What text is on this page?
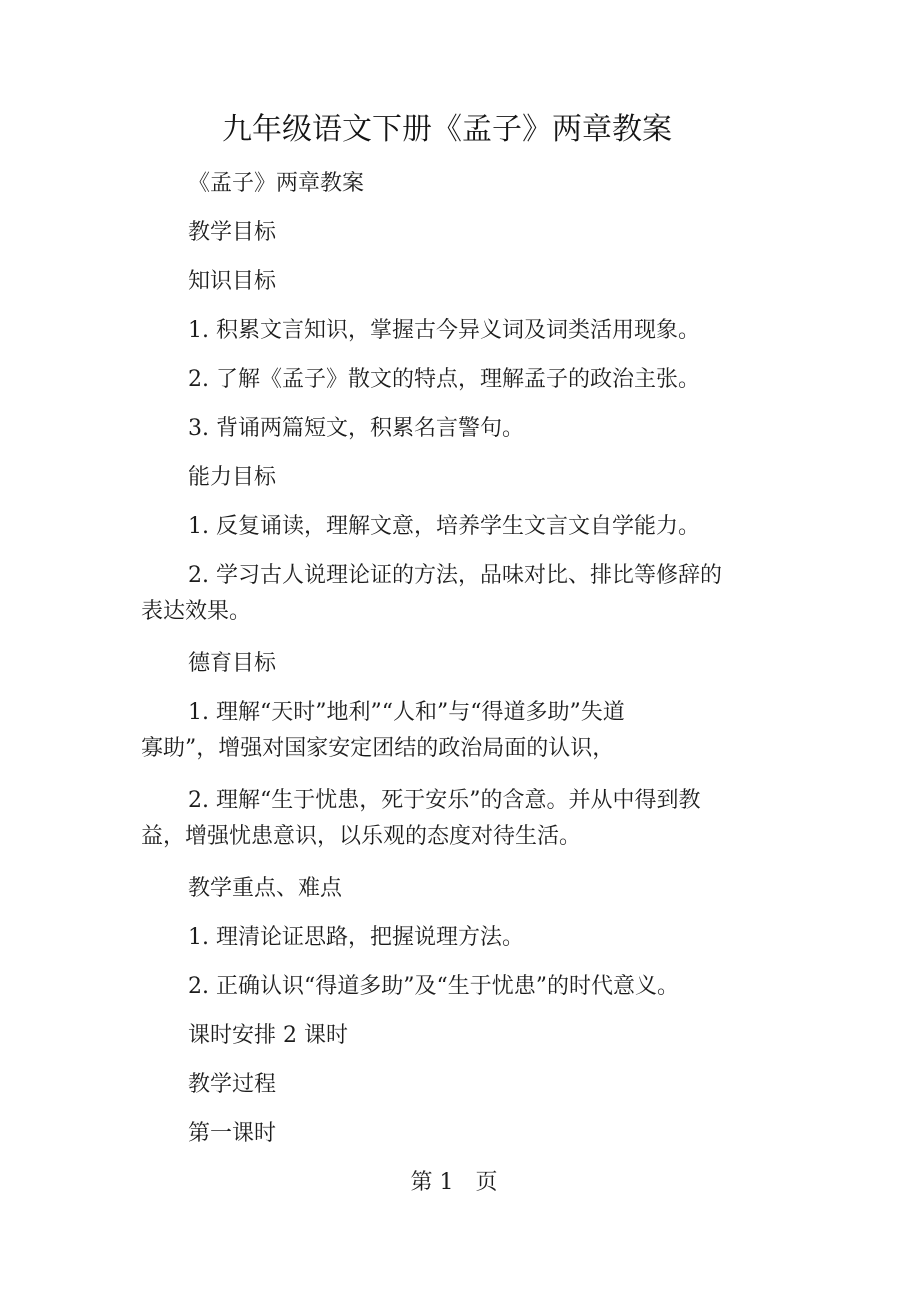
九年级语文下册《孟子》两章教案
《孟子》两章教案
教学目标
知识目标
1. 积累文言知识，掌握古今异义词及词类活用现象。
2. 了解《孟子》散文的特点，理解孟子的政治主张。
3. 背诵两篇短文，积累名言警句。
能力目标
1. 反复诵读，理解文意，培养学生文言文自学能力。
2. 学习古人说理论证的方法，品味对比、排比等修辞的
表达效果。
德育目标
1. 理解“天时”地利”“人和”与“得道多助”失道
寡助”，增强对国家安定团结的政治局面的认识，
2. 理解“生于忧患，死于安乐”的含意。并从中得到教
益，增强忧患意识，以乐观的态度对待生活。
教学重点、难点
1. 理清论证思路，把握说理方法。
2. 正确认识“得道多助”及“生于忧患”的时代意义。
课时安排 2 课时
教学过程
第一课时
第 1　页
